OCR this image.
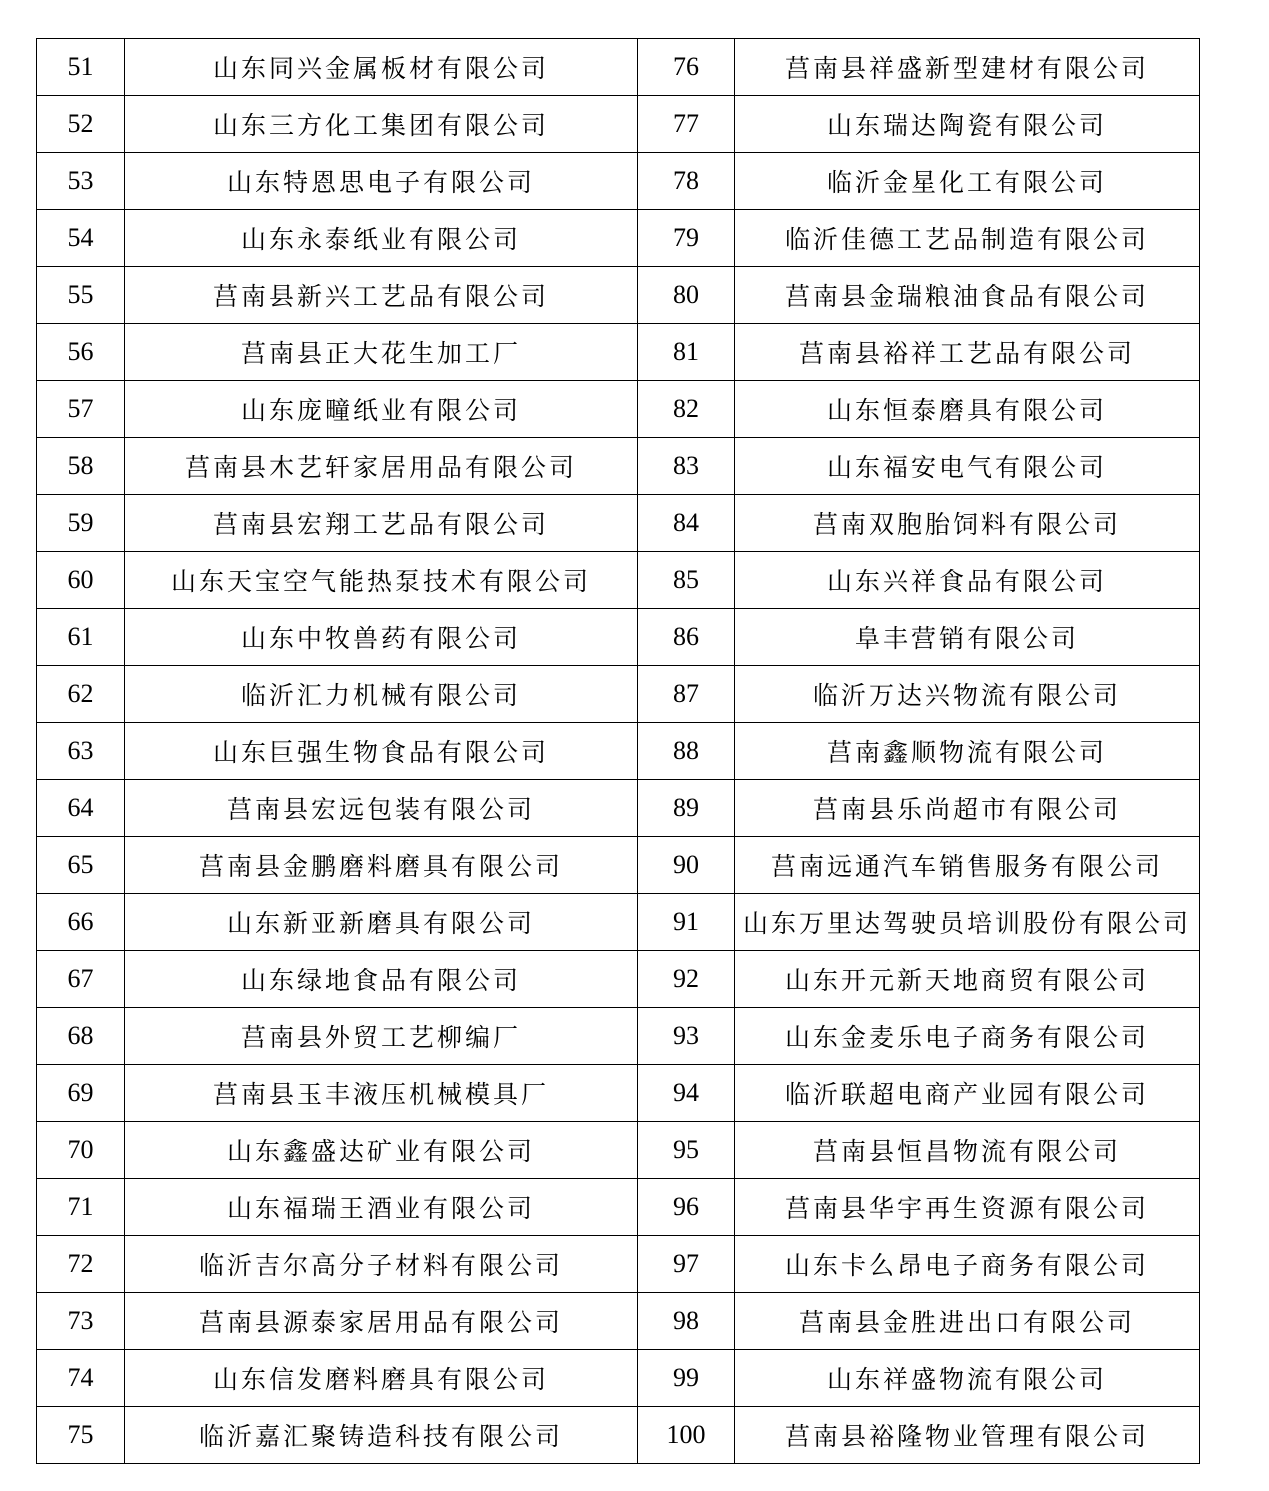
51	山东同兴金属板材有限公司	76	莒南县祥盛新型建材有限公司
52	山东三方化工集团有限公司	77	山东瑞达陶瓷有限公司
53	山东特恩思电子有限公司	78	临沂金星化工有限公司
54	山东永泰纸业有限公司	79	临沂佳德工艺品制造有限公司
55	莒南县新兴工艺品有限公司	80	莒南县金瑞粮油食品有限公司
56	莒南县正大花生加工厂	81	莒南县裕祥工艺品有限公司
57	山东庞疃纸业有限公司	82	山东恒泰磨具有限公司
58	莒南县木艺轩家居用品有限公司	83	山东福安电气有限公司
59	莒南县宏翔工艺品有限公司	84	莒南双胞胎饲料有限公司
60	山东天宝空气能热泵技术有限公司	85	山东兴祥食品有限公司
61	山东中牧兽药有限公司	86	阜丰营销有限公司
62	临沂汇力机械有限公司	87	临沂万达兴物流有限公司
63	山东巨强生物食品有限公司	88	莒南鑫顺物流有限公司
64	莒南县宏远包装有限公司	89	莒南县乐尚超市有限公司
65	莒南县金鹏磨料磨具有限公司	90	莒南远通汽车销售服务有限公司
66	山东新亚新磨具有限公司	91	山东万里达驾驶员培训股份有限公司
67	山东绿地食品有限公司	92	山东开元新天地商贸有限公司
68	莒南县外贸工艺柳编厂	93	山东金麦乐电子商务有限公司
69	莒南县玉丰液压机械模具厂	94	临沂联超电商产业园有限公司
70	山东鑫盛达矿业有限公司	95	莒南县恒昌物流有限公司
71	山东福瑞王酒业有限公司	96	莒南县华宇再生资源有限公司
72	临沂吉尔高分子材料有限公司	97	山东卡么昂电子商务有限公司
73	莒南县源泰家居用品有限公司	98	莒南县金胜进出口有限公司
74	山东信发磨料磨具有限公司	99	山东祥盛物流有限公司
75	临沂嘉汇聚铸造科技有限公司	100	莒南县裕隆物业管理有限公司
